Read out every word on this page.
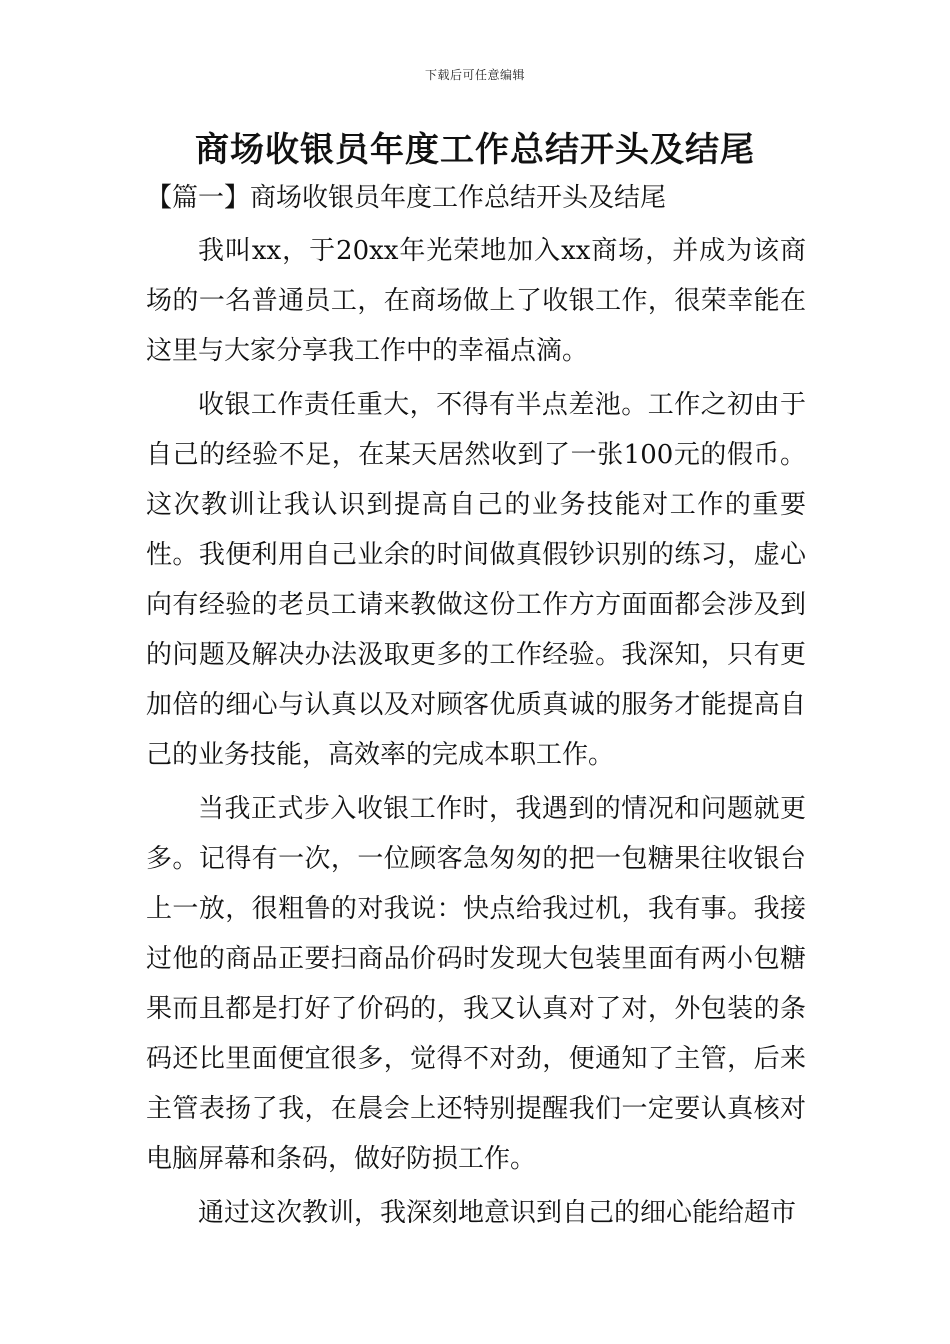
下载后可任意编辑
商场收银员年度工作总结开头及结尾
【篇一】商场收银员年度工作总结开头及结尾

我叫xx，于20xx年光荣地加入xx商场，并成为该商场的一名普通员工，在商场做上了收银工作，很荣幸能在这里与大家分享我工作中的幸福点滴。

收银工作责任重大，不得有半点差池。工作之初由于自己的经验不足，在某天居然收到了一张100元的假币。这次教训让我认识到提高自己的业务技能对工作的重要性。我便利用自己业余的时间做真假钞识别的练习，虚心向有经验的老员工请来教做这份工作方方面面都会涉及到的问题及解决办法汲取更多的工作经验。我深知，只有更加倍的细心与认真以及对顾客优质真诚的服务才能提高自己的业务技能，高效率的完成本职工作。

当我正式步入收银工作时，我遇到的情况和问题就更多。记得有一次，一位顾客急匆匆的把一包糖果往收银台上一放，很粗鲁的对我说：快点给我过机，我有事。我接过他的商品正要扫商品价码时发现大包装里面有两小包糖果而且都是打好了价码的，我又认真对了对，外包装的条码还比里面便宜很多，觉得不对劲，便通知了主管，后来主管表扬了我，在晨会上还特别提醒我们一定要认真核对电脑屏幕和条码，做好防损工作。

通过这次教训，我深刻地意识到自己的细心能给超市
